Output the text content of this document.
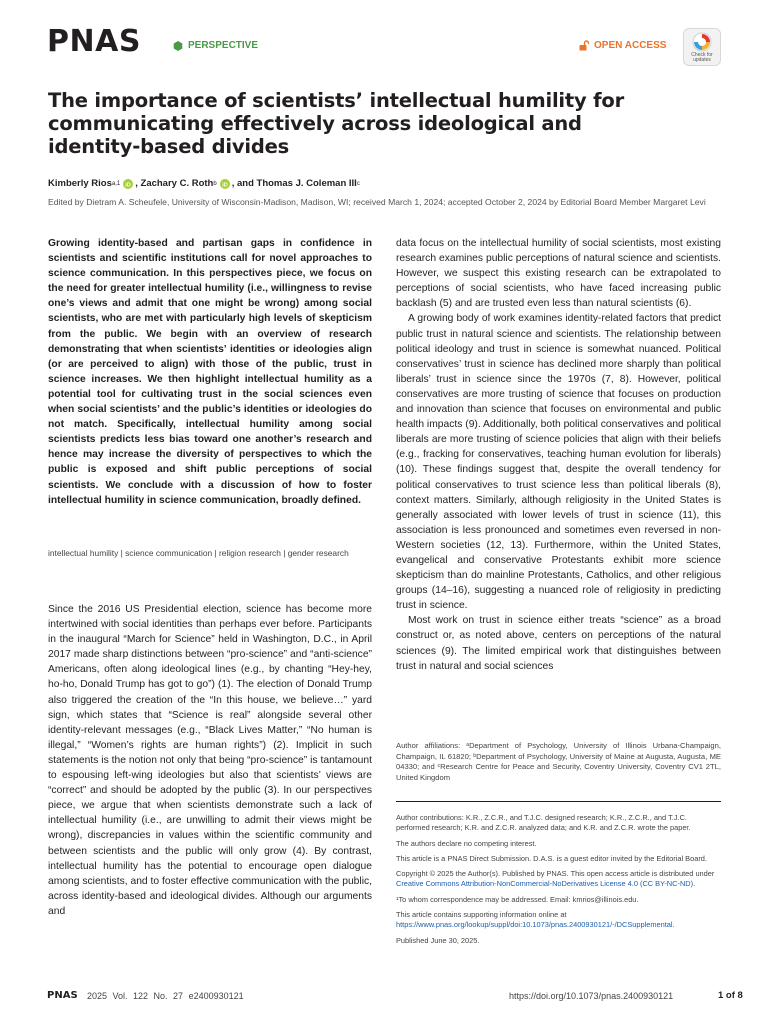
PNAS	PERSPECTIVE	OPEN ACCESS
Check for updates
The importance of scientists’ intellectual humility for communicating effectively across ideological and identity-based divides
Kimberly Rios a,1 iD , Zachary C. Roth b iD , and Thomas J. Coleman III c
Edited by Dietram A. Scheufele, University of Wisconsin-Madison, Madison, WI; received March 1, 2024; accepted October 2, 2024 by Editorial Board Member Margaret Levi

Growing identity-based and partisan gaps in confidence in scientists and scientific institutions call for novel approaches to science communication. In this perspectives piece, we focus on the need for greater intellectual humility (i.e., willingness to revise one’s views and admit that one might be wrong) among social scientists, who are met with particularly high levels of skepticism from the public. We begin with an overview of research demonstrating that when scientists’ identities or ideologies align (or are perceived to align) with those of the public, trust in science increases. We then highlight intellectual humility as a potential tool for cultivating trust in the social sciences even when social scientists’ and the public’s identities or ideologies do not match. Specifically, intellectual humility among social scientists predicts less bias toward one another’s research and hence may increase the diversity of perspectives to which the public is exposed and shift public perceptions of social scientists. We conclude with a discussion of how to foster intellectual humility in science communication, broadly defined.

intellectual humility | science communication | religion research | gender research

Since the 2016 US Presidential election, science has become more intertwined with social identities than perhaps ever before. Participants in the inaugural “March for Science” held in Washington, D.C., in April 2017 made sharp distinctions between “pro-science” and “anti-science” Americans, often along ideological lines (e.g., by chanting “Hey-hey, ho-ho, Donald Trump has got to go”) (1). The election of Donald Trump also triggered the creation of the “In this house, we believe…” yard sign, which states that “Science is real” alongside several other identity-relevant messages (e.g., “Black Lives Matter,” “No human is illegal,” “Women’s rights are human rights”) (2). Implicit in such statements is the notion not only that being “pro-science” is tantamount to espousing left-wing ideologies but also that scientists’ views are “correct” and should be adopted by the public (3). In our perspectives piece, we argue that when scientists demonstrate such a lack of intellectual humility (i.e., are unwilling to admit their views might be wrong), discrepancies in values within the scientific community and between scientists and the public will only grow (4). By contrast, intellectual humility has the potential to encourage open dialogue among scientists, and to foster effective communication with the public, across identity-based and ideological divides. Although our arguments and

data focus on the intellectual humility of social scientists, most existing research examines public perceptions of natural science and scientists. However, we suspect this existing research can be extrapolated to perceptions of social scientists, who have faced increasing public backlash (5) and are trusted even less than natural scientists (6).

A growing body of work examines identity-related factors that predict public trust in natural science and scientists. The relationship between political ideology and trust in science is somewhat nuanced. Political conservatives’ trust in science has declined more sharply than political liberals’ trust in science since the 1970s (7, 8). However, political conservatives are more trusting of science that focuses on production and innovation than science that focuses on environmental and public health impacts (9). Additionally, both political conservatives and political liberals are more trusting of science policies that align with their beliefs (e.g., fracking for conservatives, teaching human evolution for liberals) (10). These findings suggest that, despite the overall tendency for political conservatives to trust science less than political liberals (8), context matters. Similarly, although religiosity in the United States is generally associated with lower levels of trust in science (11), this association is less pronounced and sometimes even reversed in non-Western societies (12, 13). Furthermore, within the United States, evangelical and conservative Protestants exhibit more science skepticism than do mainline Protestants, Catholics, and other religious groups (14–16), suggesting a nuanced role of religiosity in predicting trust in science.

Most work on trust in science either treats “science” as a broad construct or, as noted above, centers on perceptions of the natural sciences (9). The limited empirical work that distinguishes between trust in natural and social sciences

Author affiliations: ᵃDepartment of Psychology, University of Illinois Urbana-Champaign, Champaign, IL 61820; ᵇDepartment of Psychology, University of Maine at Augusta, Augusta, ME 04330; and ᶜResearch Centre for Peace and Security, Coventry University, Coventry CV1 2TL, United Kingdom

Author contributions: K.R., Z.C.R., and T.J.C. designed research; K.R., Z.C.R., and T.J.C. performed research; K.R. and Z.C.R. analyzed data; and K.R. and Z.C.R. wrote the paper.

The authors declare no competing interest.

This article is a PNAS Direct Submission. D.A.S. is a guest editor invited by the Editorial Board.

Copyright © 2025 the Author(s). Published by PNAS. This open access article is distributed under Creative Commons Attribution-NonCommercial-NoDerivatives License 4.0 (CC BY-NC-ND).

¹To whom correspondence may be addressed. Email: kmrios@illinois.edu.

This article contains supporting information online at https://www.pnas.org/lookup/suppl/doi:10.1073/pnas.2400930121/-/DCSupplemental.

Published June 30, 2025.

PNAS 2025 Vol. 122 No. 27 e2400930121	https://doi.org/10.1073/pnas.2400930121	1 of 8
